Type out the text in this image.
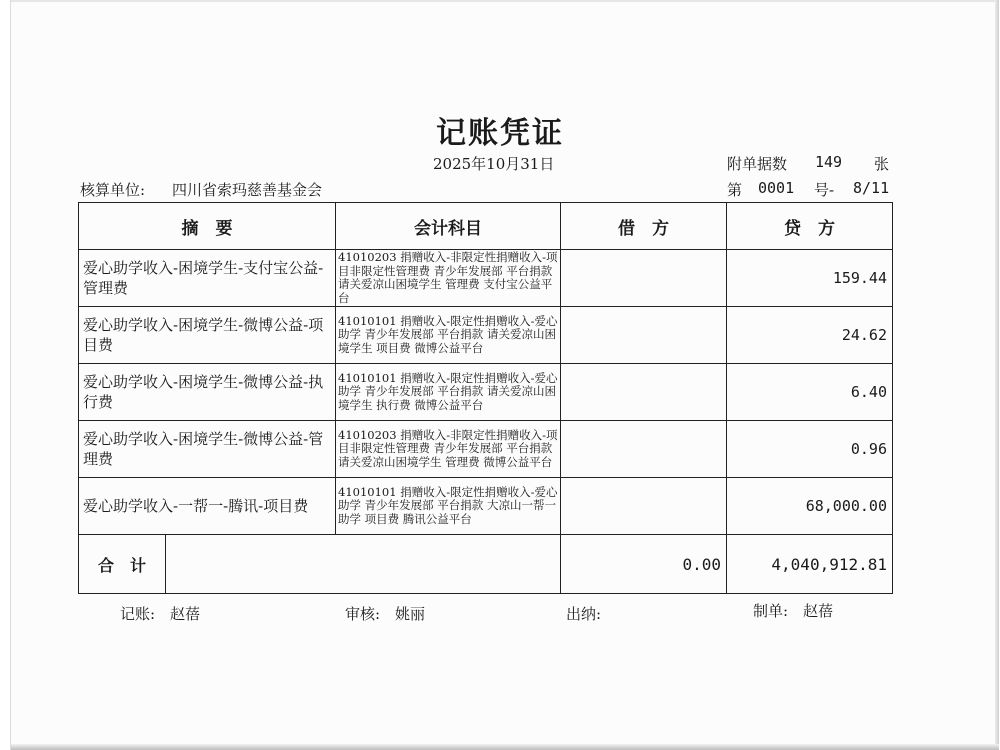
记账凭证
2025年10月31日	附单据数 149 张
核算单位: 四川省索玛慈善基金会	第 0001 号- 8/11
摘　要	会计科目	借　方	贷　方
爱心助学收入-困境学生-支付宝公益-管理费	41010203 捐赠收入-非限定性捐赠收入-项目非限定性管理费 青少年发展部 平台捐款 请关爱凉山困境学生 管理费 支付宝公益平台		159.44
爱心助学收入-困境学生-微博公益-项目费	41010101 捐赠收入-限定性捐赠收入-爱心助学 青少年发展部 平台捐款 请关爱凉山困境学生 项目费 微博公益平台		24.62
爱心助学收入-困境学生-微博公益-执行费	41010101 捐赠收入-限定性捐赠收入-爱心助学 青少年发展部 平台捐款 请关爱凉山困境学生 执行费 微博公益平台		6.40
爱心助学收入-困境学生-微博公益-管理费	41010203 捐赠收入-非限定性捐赠收入-项目非限定性管理费 青少年发展部 平台捐款 请关爱凉山困境学生 管理费 微博公益平台		0.96
爱心助学收入-一帮一-腾讯-项目费	41010101 捐赠收入-限定性捐赠收入-爱心助学 青少年发展部 平台捐款 大凉山一帮一助学 项目费 腾讯公益平台		68,000.00

合　计		0.00	4,040,912.81
记账:　赵蓓	审核:　姚丽	出纳:	制单:　赵蓓
